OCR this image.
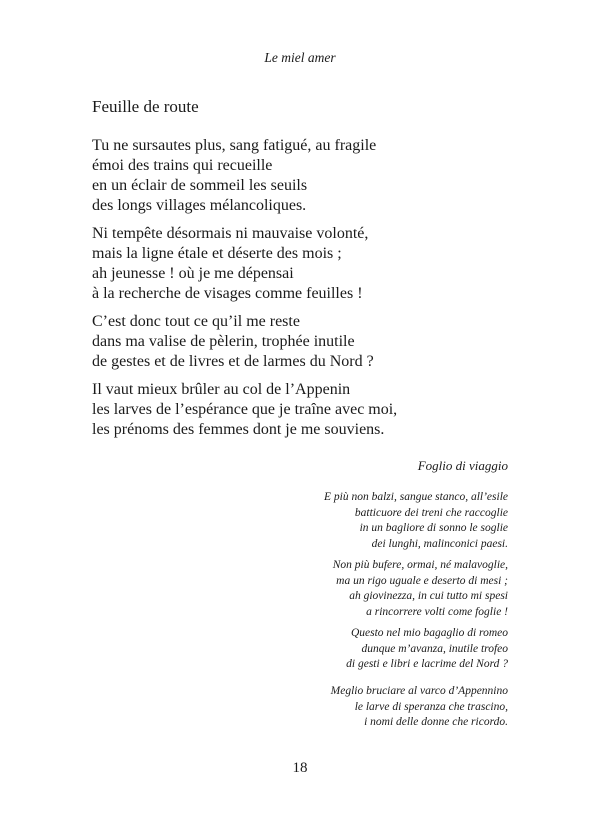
Le miel amer
Feuille de route

Tu ne sursautes plus, sang fatigué, au fragile
émoi des trains qui recueille
en un éclair de sommeil les seuils
des longs villages mélancoliques.

Ni tempête désormais ni mauvaise volonté,
mais la ligne étale et déserte des mois ;
ah jeunesse ! où je me dépensai
à la recherche de visages comme feuilles !

C’est donc tout ce qu’il me reste
dans ma valise de pèlerin, trophée inutile
de gestes et de livres et de larmes du Nord ?

Il vaut mieux brûler au col de l’Appenin
les larves de l’espérance que je traîne avec moi,
les prénoms des femmes dont je me souviens.

Foglio di viaggio

E più non balzi, sangue stanco, all’esile
batticuore dei treni che raccoglie
in un bagliore di sonno le soglie
dei lunghi, malinconici paesi.

Non più bufere, ormai, né malavoglie,
ma un rigo uguale e deserto di mesi ;
ah giovinezza, in cui tutto mi spesi
a rincorrere volti come foglie !

Questo nel mio bagaglio di romeo
dunque m’avanza, inutile trofeo
di gesti e libri e lacrime del Nord ?

Meglio bruciare al varco d’Appennino
le larve di speranza che trascino,
i nomi delle donne che ricordo.

18
